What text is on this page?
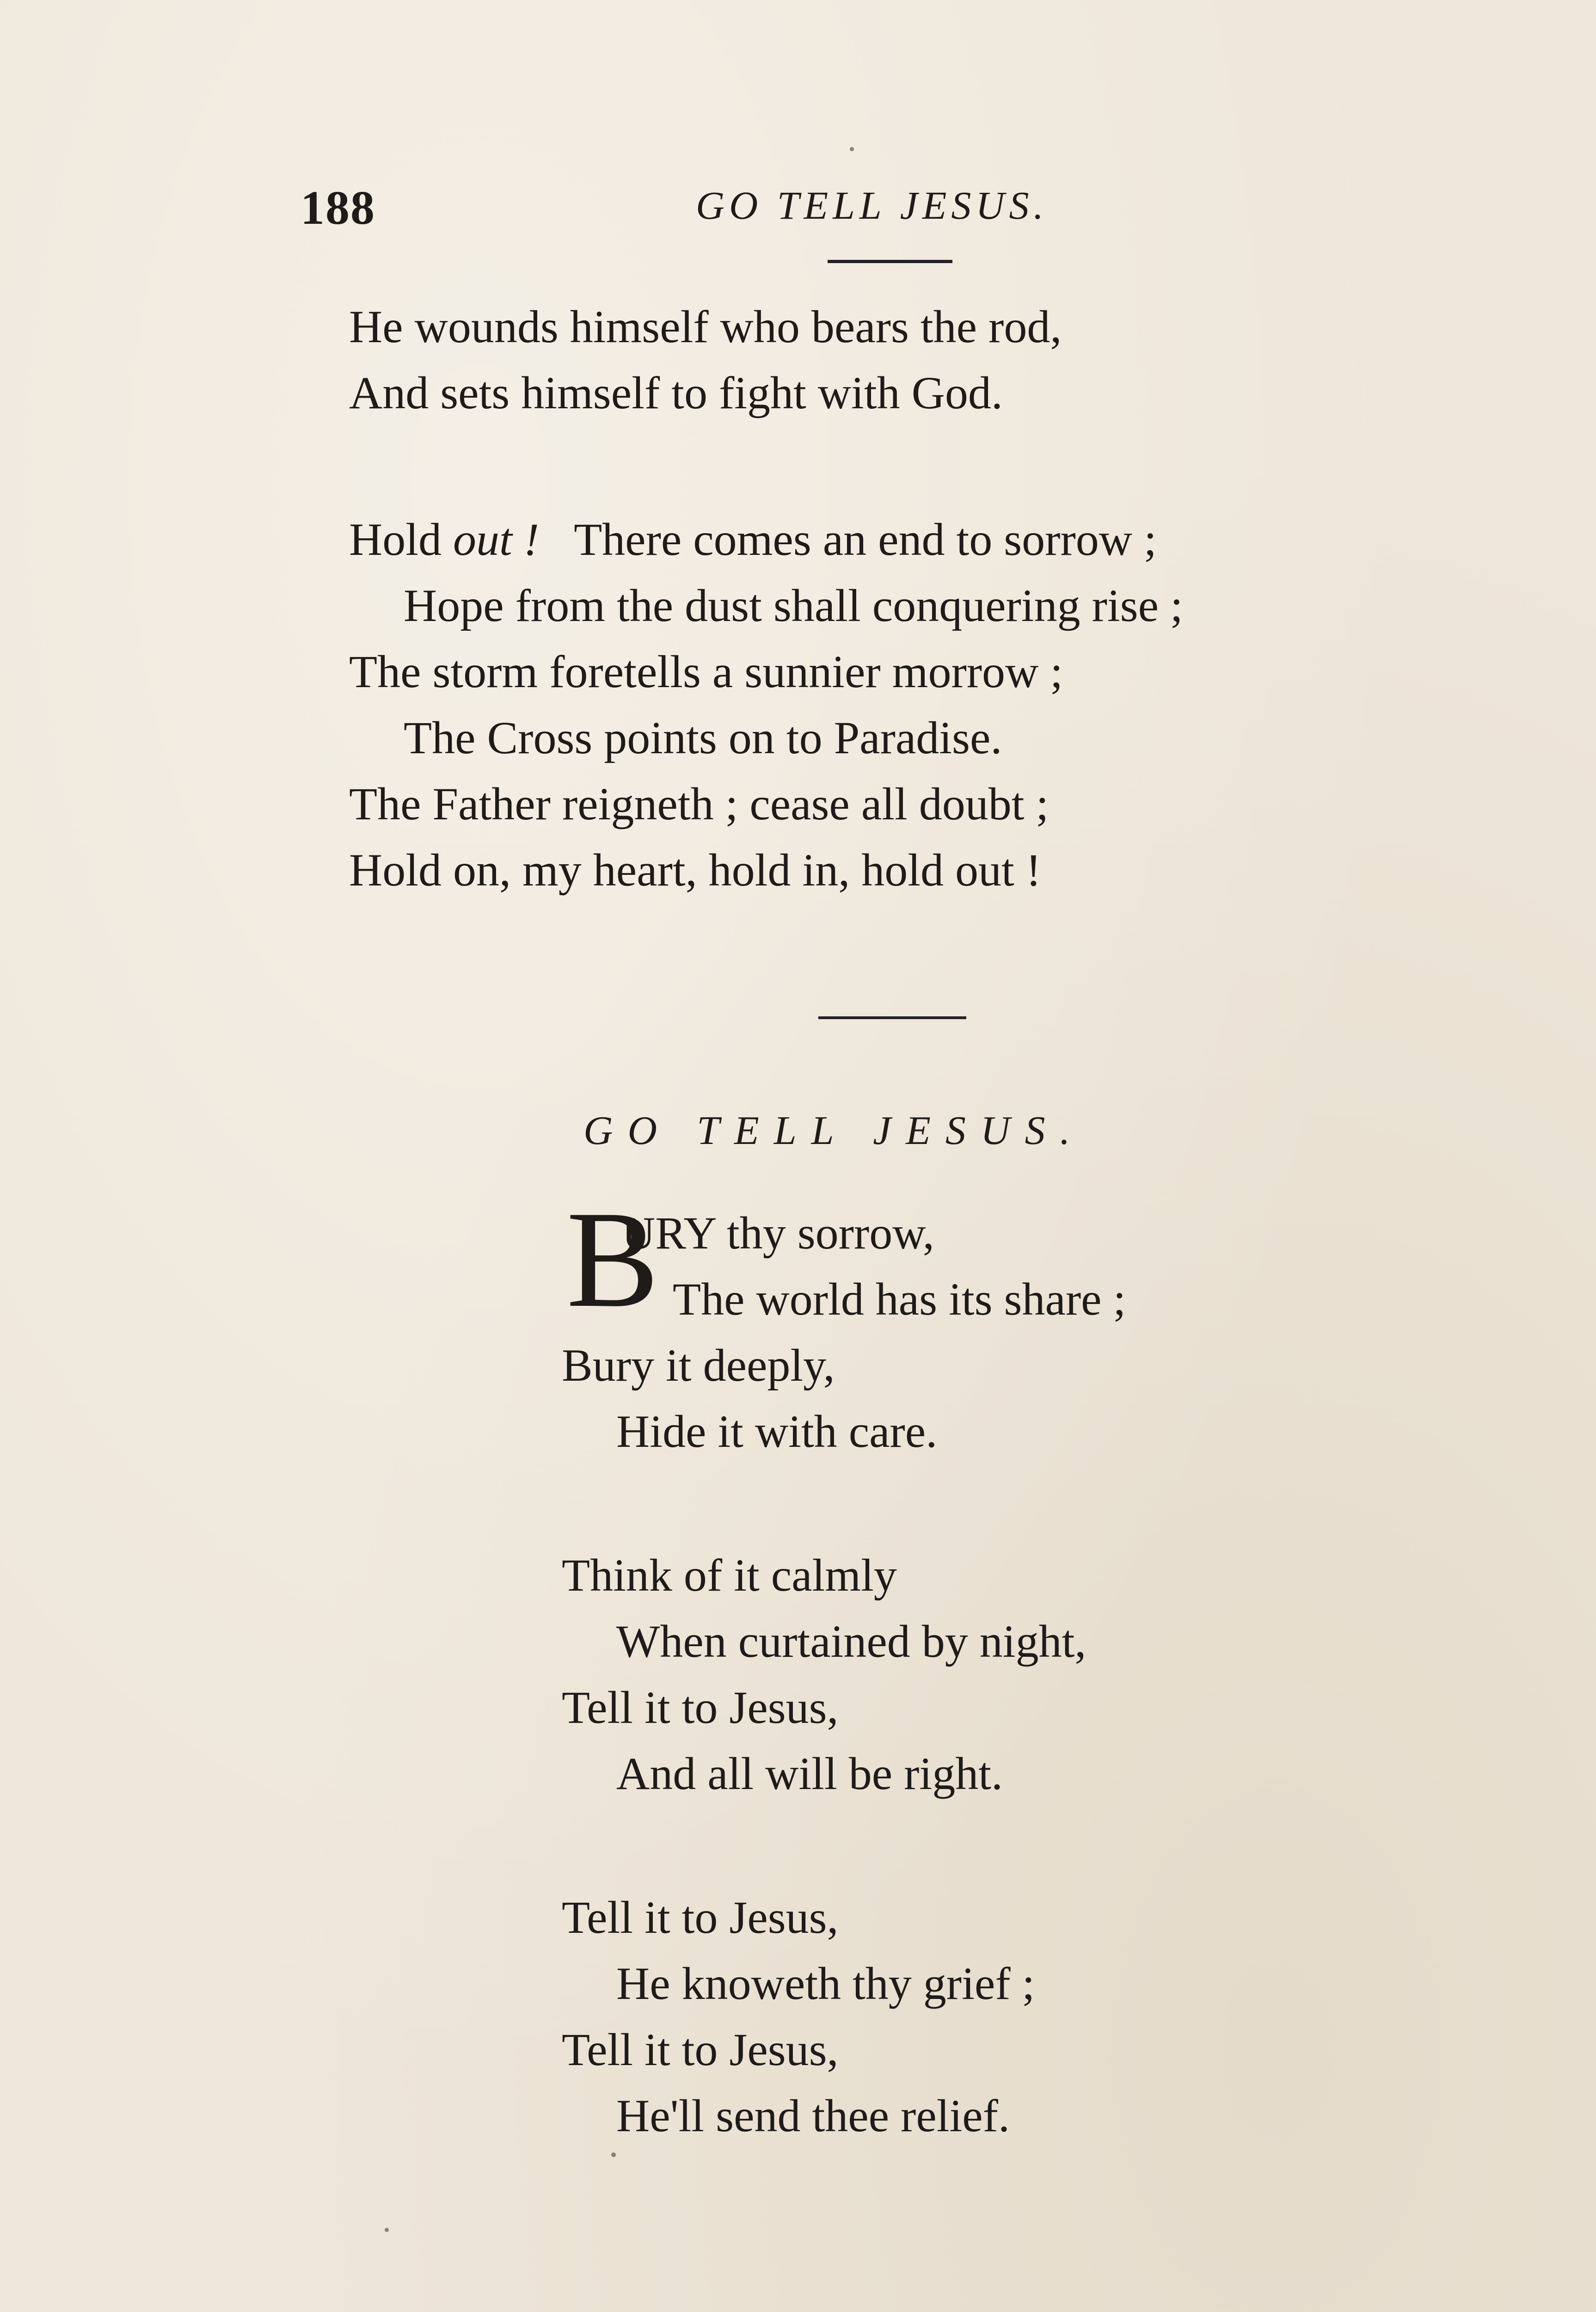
188	GO TELL JESUS.
He wounds himself who bears the rod,
And sets himself to fight with God.
Hold out ! There comes an end to sorrow ;
Hope from the dust shall conquering rise ;
The storm foretells a sunnier morrow ;
The Cross points on to Paradise.
The Father reigneth ; cease all doubt ;
Hold on, my heart, hold in, hold out !
GO TELL JESUS.
B
URY thy sorrow,
The world has its share ;
Bury it deeply,
Hide it with care.
Think of it calmly
When curtained by night,
Tell it to Jesus,
And all will be right.
Tell it to Jesus,
He knoweth thy grief ;
Tell it to Jesus,
He'll send thee relief.
